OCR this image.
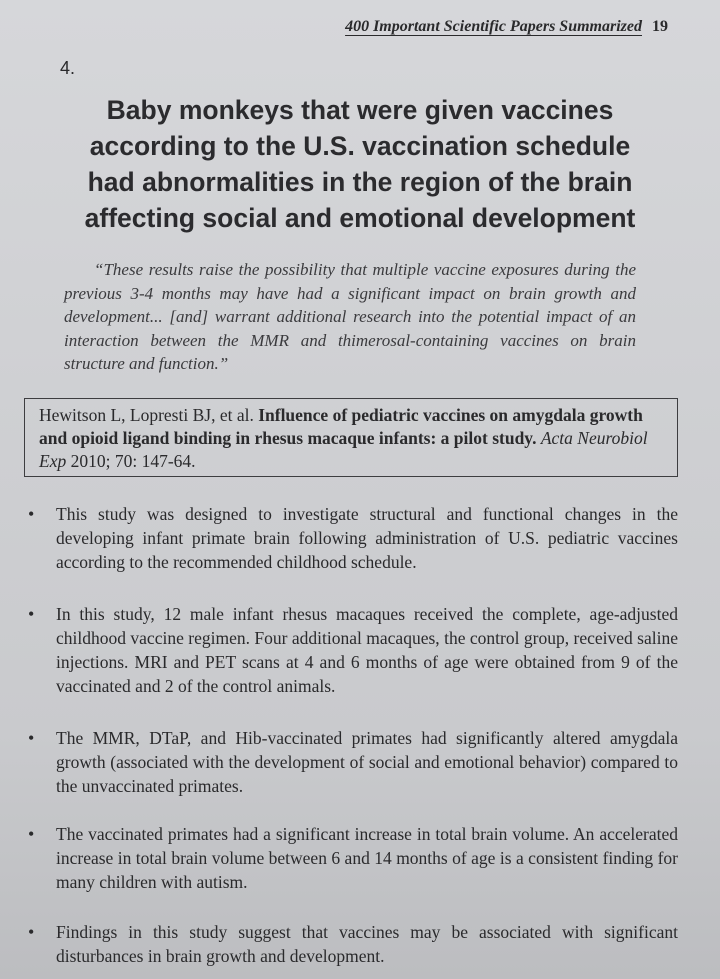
400 Important Scientific Papers Summarized 19
4.
Baby monkeys that were given vaccines
according to the U.S. vaccination schedule
had abnormalities in the region of the brain
affecting social and emotional development
“These results raise the possibility that multiple vaccine exposures during the previous 3-4 months may have had a significant impact on brain growth and development... [and] warrant additional research into the potential impact of an interaction between the MMR and thimerosal-containing vaccines on brain structure and function.”
Hewitson L, Lopresti BJ, et al. Influence of pediatric vaccines on amygdala growth and opioid ligand binding in rhesus macaque infants: a pilot study. Acta Neurobiol Exp 2010; 70: 147-64.
•	This study was designed to investigate structural and functional changes in the developing infant primate brain following administration of U.S. pediatric vaccines according to the recommended childhood schedule.
•	In this study, 12 male infant rhesus macaques received the complete, age-adjusted childhood vaccine regimen. Four additional macaques, the control group, received saline injections. MRI and PET scans at 4 and 6 months of age were obtained from 9 of the vaccinated and 2 of the control animals.
•	The MMR, DTaP, and Hib-vaccinated primates had significantly altered amygdala growth (associated with the development of social and emotional behavior) compared to the unvaccinated primates.
•	The vaccinated primates had a significant increase in total brain volume. An accelerated increase in total brain volume between 6 and 14 months of age is a consistent finding for many children with autism.
•	Findings in this study suggest that vaccines may be associated with significant disturbances in brain growth and development.
